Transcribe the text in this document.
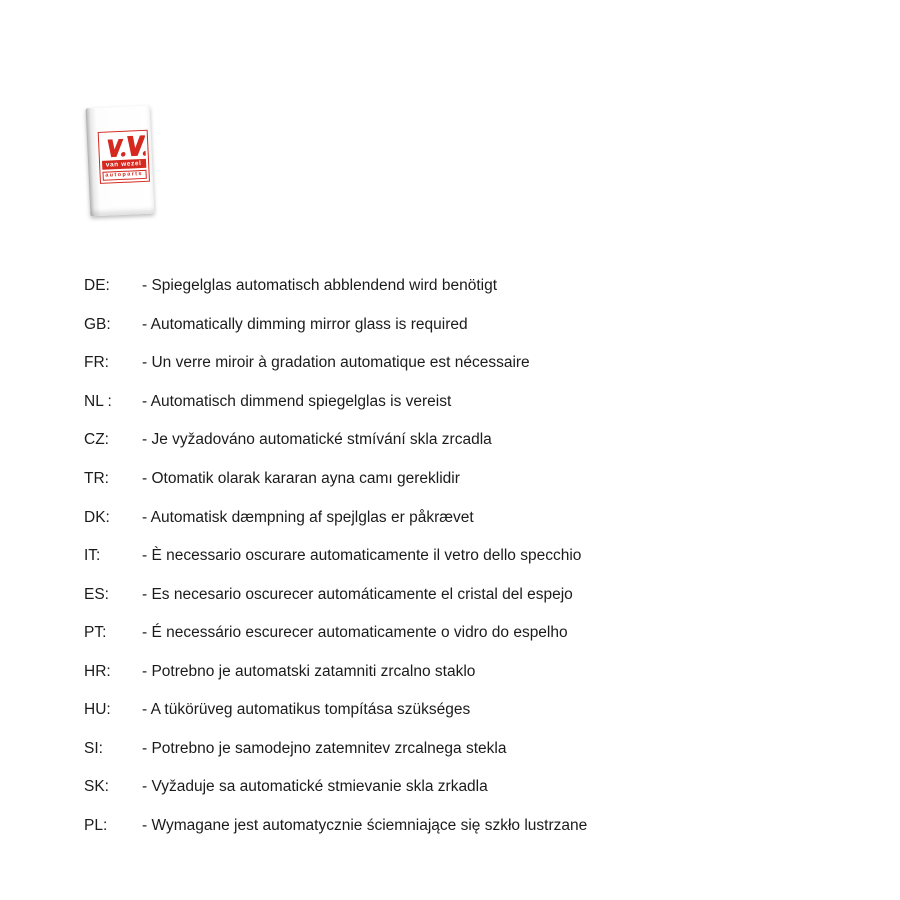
van wezel
autoparts
DE:	- Spiegelglas automatisch abblendend wird benötigt
GB:	- Automatically dimming mirror glass is required
FR:	- Un verre miroir à gradation automatique est nécessaire
NL :	- Automatisch dimmend spiegelglas is vereist
CZ:	- Je vyžadováno automatické stmívání skla zrcadla
TR:	- Otomatik olarak kararan ayna camı gereklidir
DK:	- Automatisk dæmpning af spejlglas er påkrævet
IT:	- È necessario oscurare automaticamente il vetro dello specchio
ES:	- Es necesario oscurecer automáticamente el cristal del espejo
PT:	- É necessário escurecer automaticamente o vidro do espelho
HR:	- Potrebno je automatski zatamniti zrcalno staklo
HU:	- A tükörüveg automatikus tompítása szükséges
SI:	- Potrebno je samodejno zatemnitev zrcalnega stekla
SK:	- Vyžaduje sa automatické stmievanie skla zrkadla
PL:	- Wymagane jest automatycznie ściemniające się szkło lustrzane
